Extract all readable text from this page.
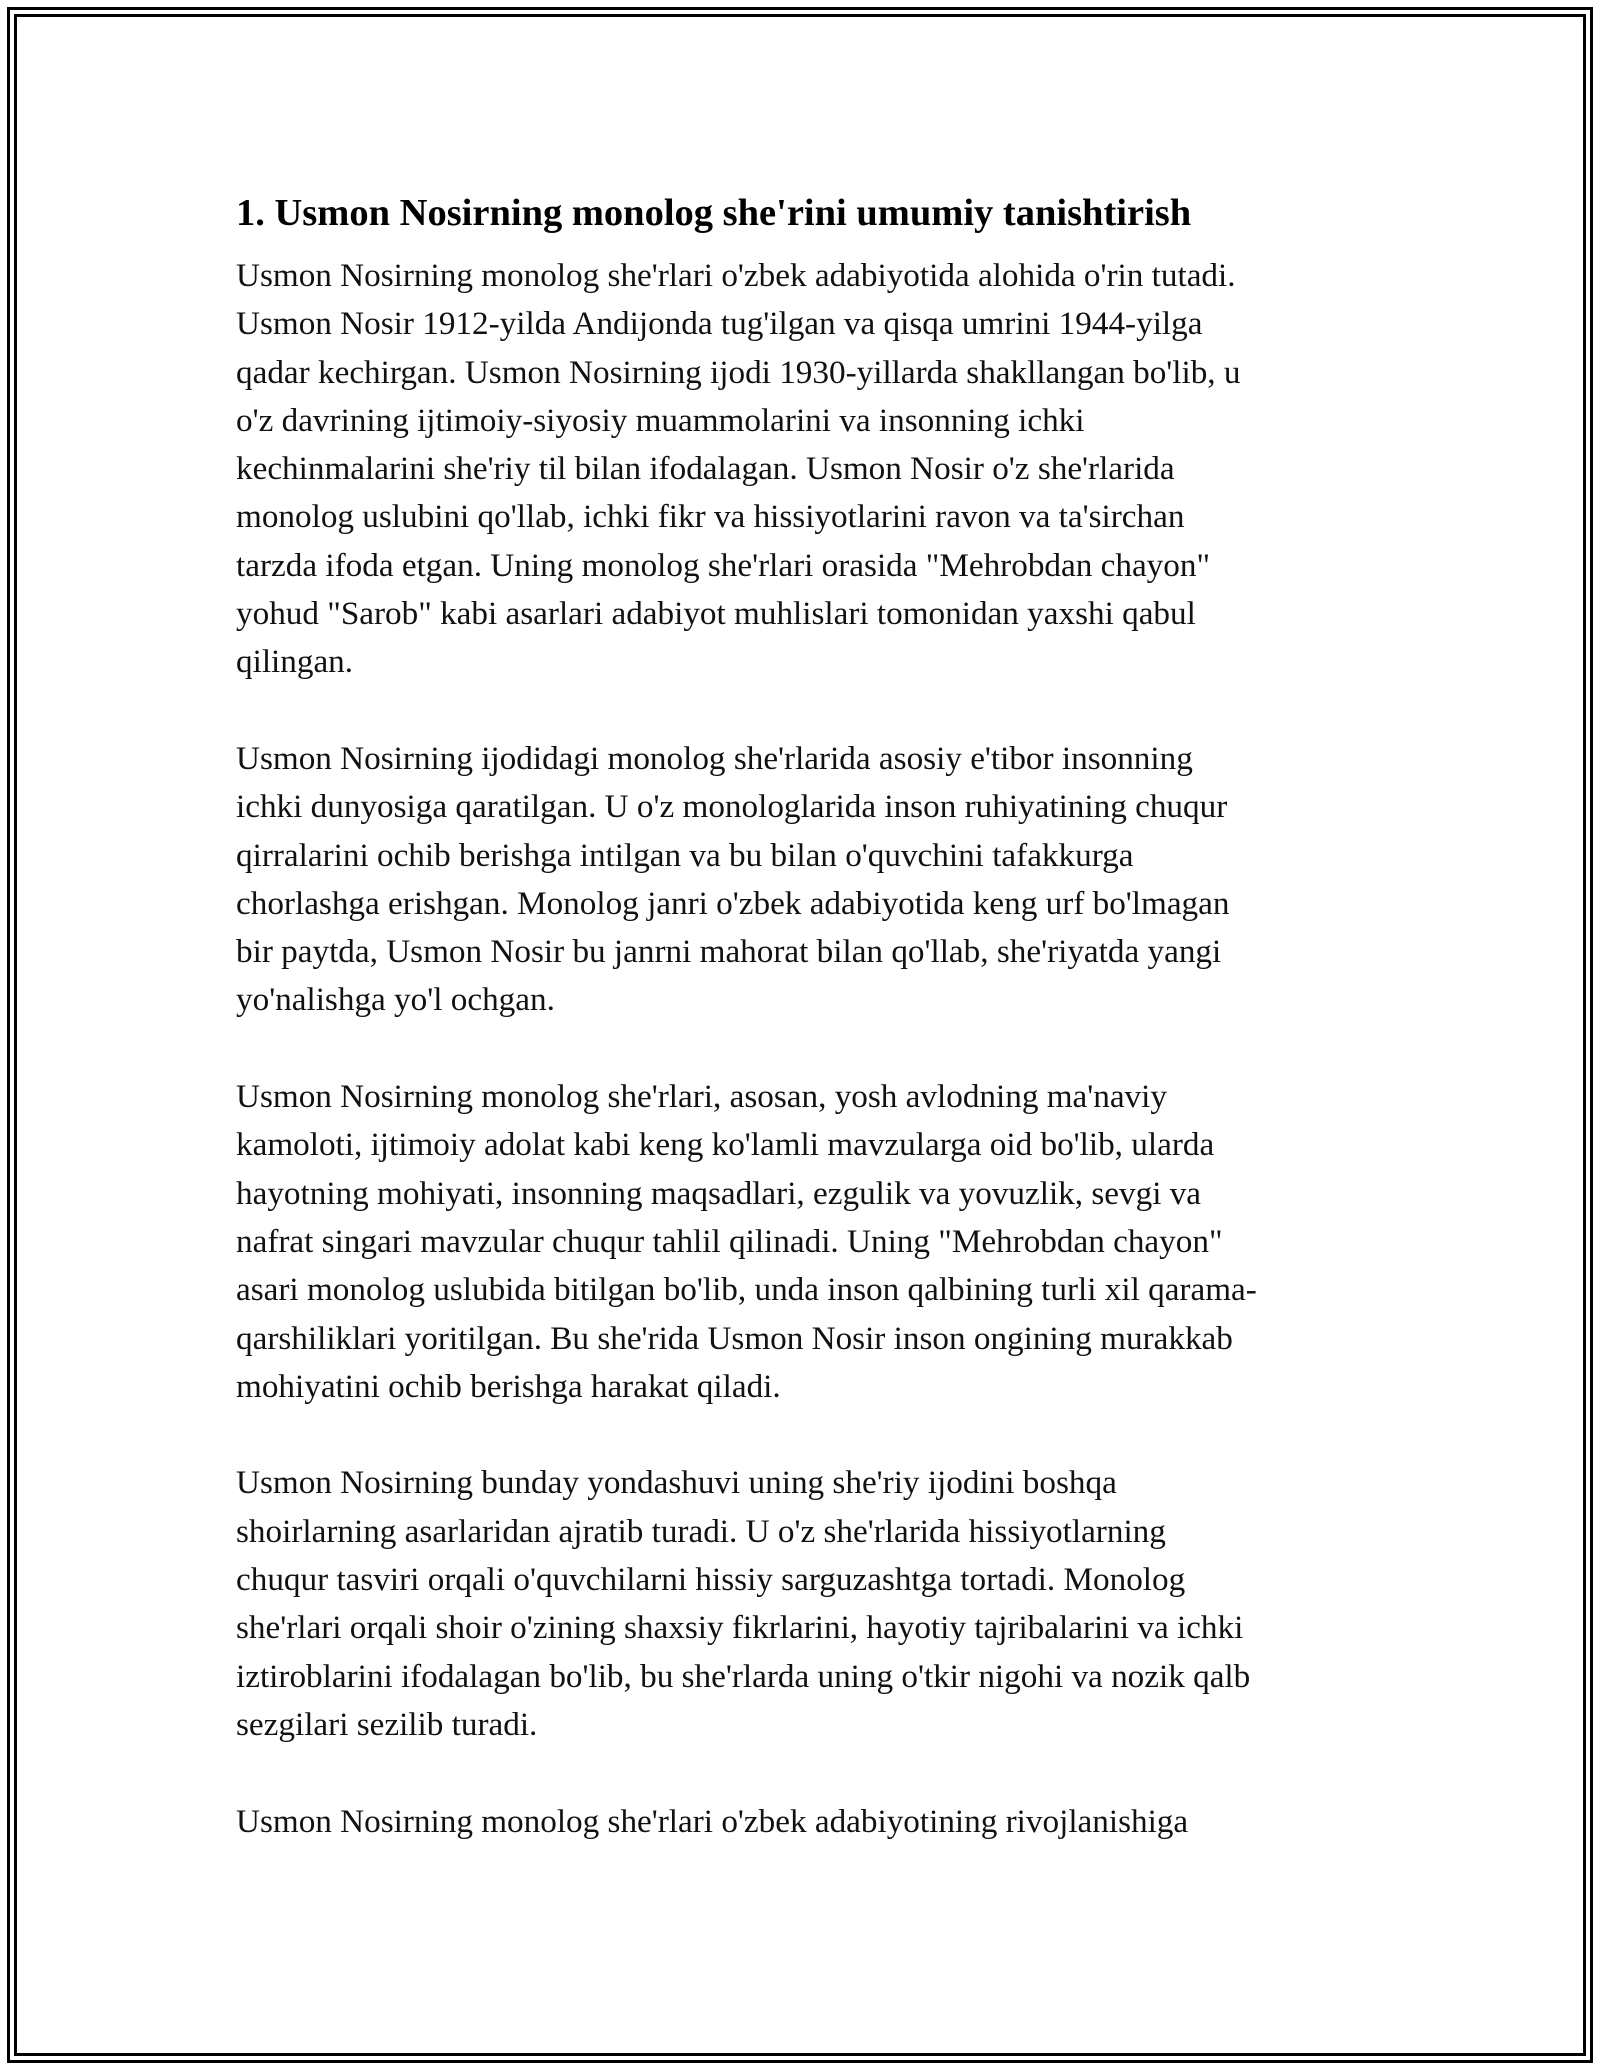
1. Usmon Nosirning monolog she'rini umumiy tanishtirish

Usmon Nosirning monolog she'rlari o'zbek adabiyotida alohida o'rin tutadi.
Usmon Nosir 1912-yilda Andijonda tug'ilgan va qisqa umrini 1944-yilga
qadar kechirgan. Usmon Nosirning ijodi 1930-yillarda shakllangan bo'lib, u
o'z davrining ijtimoiy-siyosiy muammolarini va insonning ichki
kechinmalarini she'riy til bilan ifodalagan. Usmon Nosir o'z she'rlarida
monolog uslubini qo'llab, ichki fikr va hissiyotlarini ravon va ta'sirchan
tarzda ifoda etgan. Uning monolog she'rlari orasida "Mehrobdan chayon"
yohud "Sarob" kabi asarlari adabiyot muhlislari tomonidan yaxshi qabul
qilingan.

Usmon Nosirning ijodidagi monolog she'rlarida asosiy e'tibor insonning
ichki dunyosiga qaratilgan. U o'z monologlarida inson ruhiyatining chuqur
qirralarini ochib berishga intilgan va bu bilan o'quvchini tafakkurga
chorlashga erishgan. Monolog janri o'zbek adabiyotida keng urf bo'lmagan
bir paytda, Usmon Nosir bu janrni mahorat bilan qo'llab, she'riyatda yangi
yo'nalishga yo'l ochgan.

Usmon Nosirning monolog she'rlari, asosan, yosh avlodning ma'naviy
kamoloti, ijtimoiy adolat kabi keng ko'lamli mavzularga oid bo'lib, ularda
hayotning mohiyati, insonning maqsadlari, ezgulik va yovuzlik, sevgi va
nafrat singari mavzular chuqur tahlil qilinadi. Uning "Mehrobdan chayon"
asari monolog uslubida bitilgan bo'lib, unda inson qalbining turli xil qarama-
qarshiliklari yoritilgan. Bu she'rida Usmon Nosir inson ongining murakkab
mohiyatini ochib berishga harakat qiladi.

Usmon Nosirning bunday yondashuvi uning she'riy ijodini boshqa
shoirlarning asarlaridan ajratib turadi. U o'z she'rlarida hissiyotlarning
chuqur tasviri orqali o'quvchilarni hissiy sarguzashtga tortadi. Monolog
she'rlari orqali shoir o'zining shaxsiy fikrlarini, hayotiy tajribalarini va ichki
iztiroblarini ifodalagan bo'lib, bu she'rlarda uning o'tkir nigohi va nozik qalb
sezgilari sezilib turadi.

Usmon Nosirning monolog she'rlari o'zbek adabiyotining rivojlanishiga
